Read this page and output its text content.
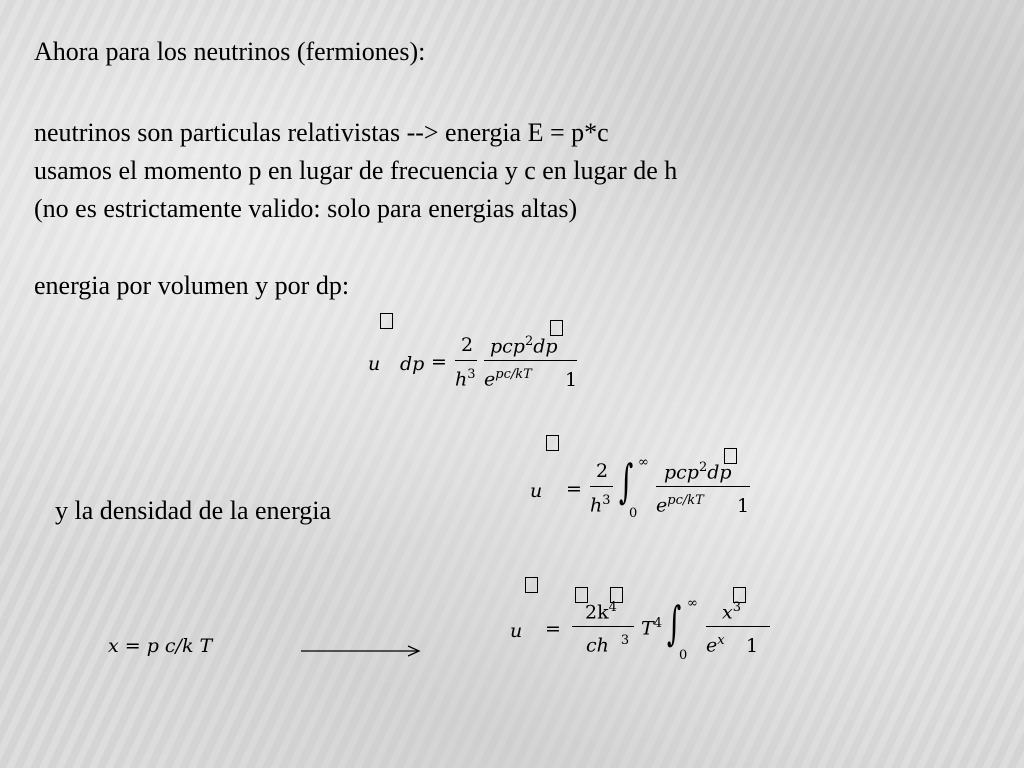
Ahora para los neutrinos (fermiones):
neutrinos son particulas relativistas --> energia E = p*c
usamos el momento p en lugar de frecuencia y c en lugar de h
(no es estrictamente valido: solo para energias altas)
energia por volumen y por dp:
y la densidad de la energia
u dp =
2
$h^3$
pcp$^2$dp
$e^{pc/kT}$ 1
u =
2
$h^3$ ∫ ∞
0
pcp$^2$dp
$e^{pc/kT}$ 1
x = p c/k T
u =
$2k^4$
ch $^3$
$T^4$ ∫ ∞
0
$x^3$
$e^x$ 1
